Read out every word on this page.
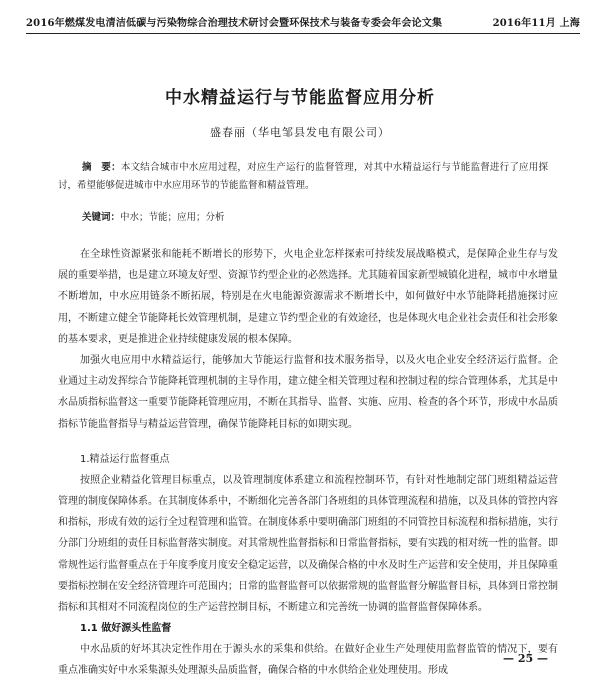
2016年燃煤发电清洁低碳与污染物综合治理技术研讨会暨环保技术与装备专委会年会论文集	2016年11月 上海
中水精益运行与节能监督应用分析
盛春丽（华电邹县发电有限公司）
摘　要：本文结合城市中水应用过程，对应生产运行的监督管理，对其中水精益运行与节能监督进行了应用探讨，希望能够促进城市中水应用环节的节能监督和精益管理。
关键词：中水；节能；应用；分析

在全球性资源紧张和能耗不断增长的形势下，火电企业怎样探索可持续发展战略模式，是保障企业生存与发展的重要举措，也是建立环境友好型、资源节约型企业的必然选择。尤其随着国家新型城镇化进程，城市中水增量不断增加，中水应用链条不断拓展，特别是在火电能源资源需求不断增长中，如何做好中水节能降耗措施探讨应用，不断建立健全节能降耗长效管理机制，是建立节约型企业的有效途径，也是体现火电企业社会责任和社会形象的基本要求，更是推进企业持续健康发展的根本保障。

加强火电应用中水精益运行，能够加大节能运行监督和技术服务指导，以及火电企业安全经济运行监督。企业通过主动发挥综合节能降耗管理机制的主导作用，建立健全相关管理过程和控制过程的综合管理体系，尤其是中水品质指标监督这一重要节能降耗管理应用，不断在其指导、监督、实施、应用、检查的各个环节，形成中水品质指标节能监督指导与精益运营管理，确保节能降耗目标的如期实现。

1.精益运行监督重点

按照企业精益化管理目标重点，以及管理制度体系建立和流程控制环节，有针对性地制定部门班组精益运营管理的制度保障体系。在其制度体系中，不断细化完善各部门各班组的具体管理流程和措施，以及具体的管控内容和指标，形成有效的运行全过程管理和监管。在制度体系中要明确部门班组的不同管控目标流程和指标措施，实行分部门分班组的责任目标监督落实制度。对其常规性监督指标和日常监督指标，要有实践的相对统一性的监督。即常规性运行监督重点在于年度季度月度安全稳定运营，以及确保合格的中水及时生产运营和安全使用，并且保障重要指标控制在安全经济管理许可范围内；日常的监督监督可以依据常规的监督监督分解监督目标，具体到日常控制指标和其相对不同流程岗位的生产运营控制目标，不断建立和完善统一协调的监督监督保障体系。

1.1 做好源头性监督

中水品质的好坏其决定性作用在于源头水的采集和供给。在做好企业生产处理使用监督监管的情况下，要有重点准确实好中水采集源头处理源头品质监督，确保合格的中水供给企业处理使用。形成

— 25 —
